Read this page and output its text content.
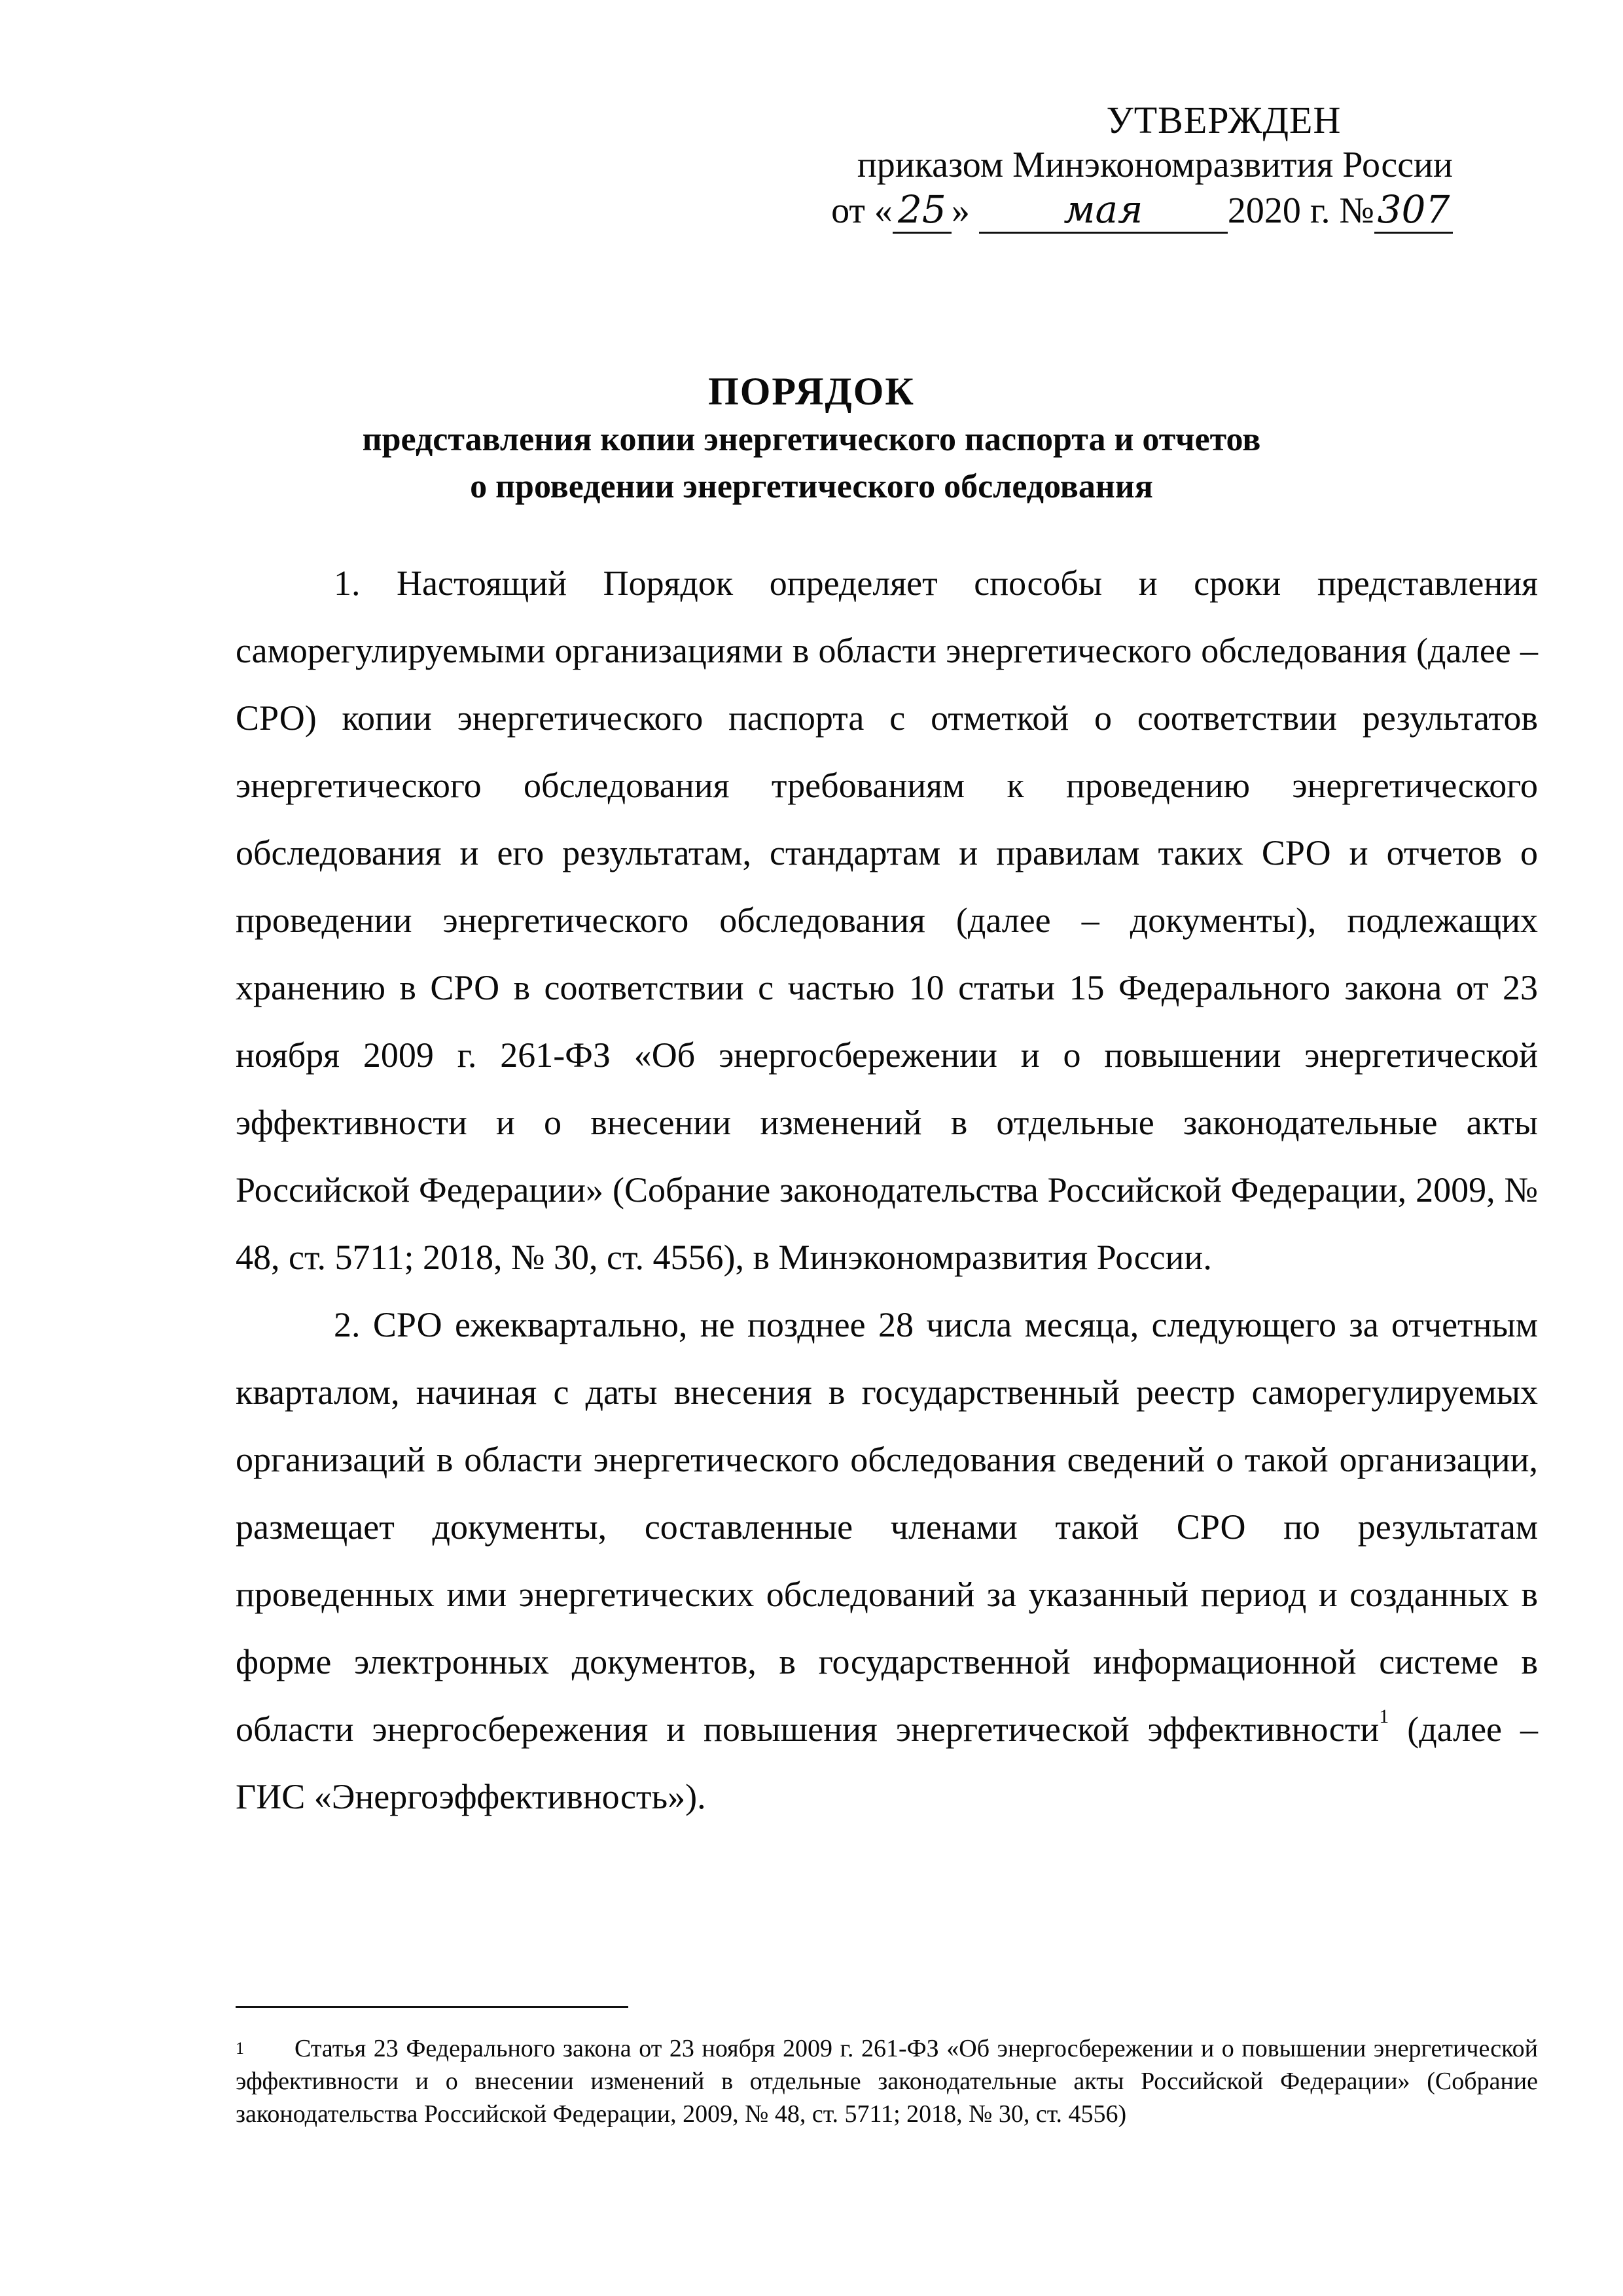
УТВЕРЖДЕН
приказом Минэкономразвития России
от « 25 » мая 2020 г. №307
ПОРЯДОК
представления копии энергетического паспорта и отчетов
о проведении энергетического обследования

1. Настоящий Порядок определяет способы и сроки представления саморегулируемыми организациями в области энергетического обследования (далее – СРО) копии энергетического паспорта с отметкой о соответствии результатов энергетического обследования требованиям к проведению энергетического обследования и его результатам, стандартам и правилам таких СРО и отчетов о проведении энергетического обследования (далее – документы), подлежащих хранению в СРО в соответствии с частью 10 статьи 15 Федерального закона от 23 ноября 2009 г. 261-ФЗ «Об энергосбережении и о повышении энергетической эффективности и о внесении изменений в отдельные законодательные акты Российской Федерации» (Собрание законодательства Российской Федерации, 2009, № 48, ст. 5711; 2018, № 30, ст. 4556), в Минэкономразвития России.

2. СРО ежеквартально, не позднее 28 числа месяца, следующего за отчетным кварталом, начиная с даты внесения в государственный реестр саморегулируемых организаций в области энергетического обследования сведений о такой организации, размещает документы, составленные членами такой СРО по результатам проведенных ими энергетических обследований за указанный период и созданных в форме электронных документов, в государственной информационной системе в области энергосбережения и повышения энергетической эффективности$^1$ (далее – ГИС «Энергоэффективность»).

1 Статья 23 Федерального закона от 23 ноября 2009 г. 261-ФЗ «Об энергосбережении и о повышении энергетической эффективности и о внесении изменений в отдельные законодательные акты Российской Федерации» (Собрание законодательства Российской Федерации, 2009, № 48, ст. 5711; 2018, № 30, ст. 4556)
